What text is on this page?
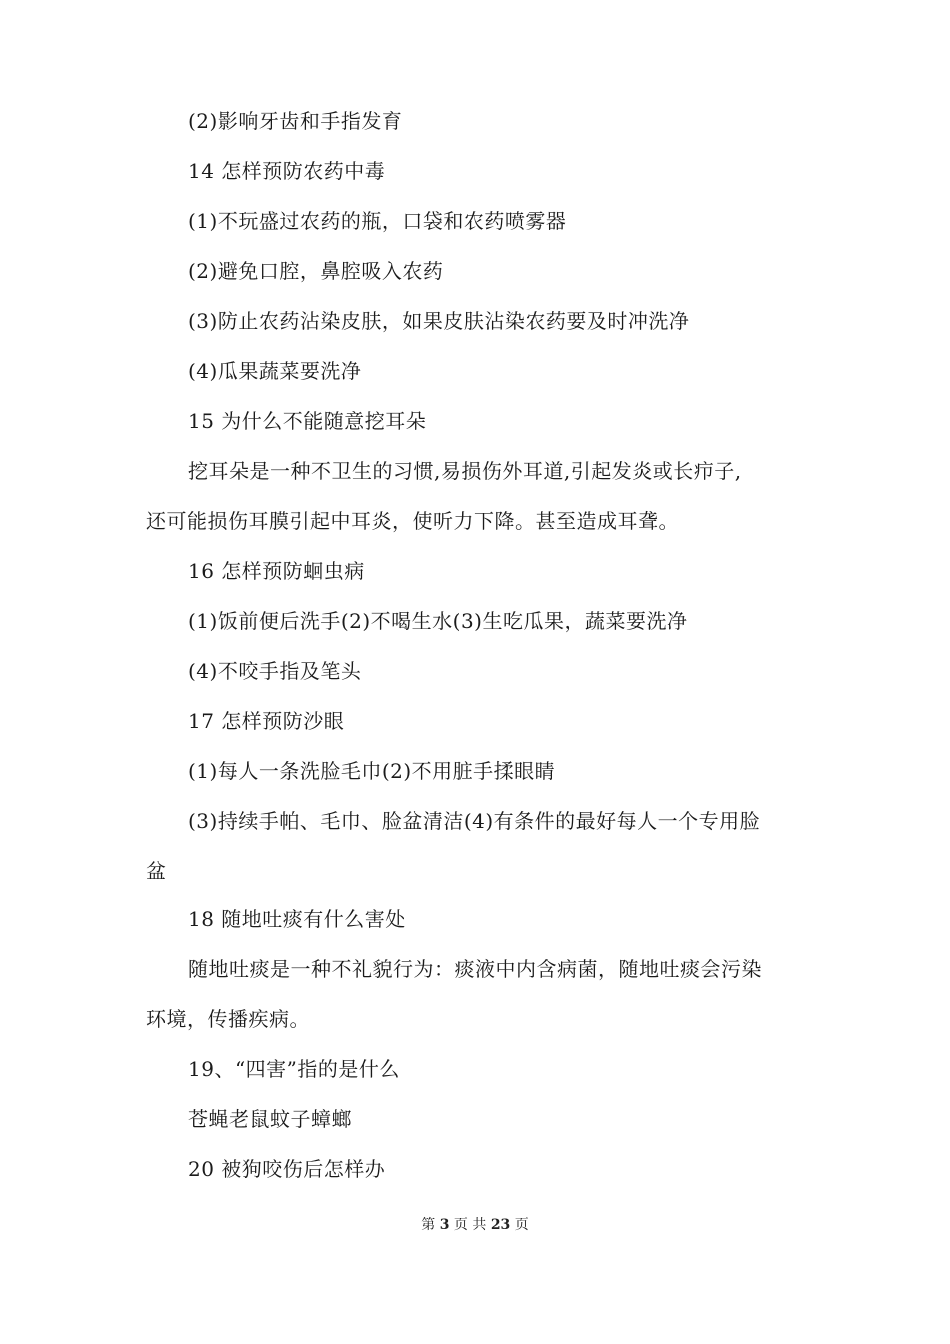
(2)影响牙齿和手指发育
14 怎样预防农药中毒
(1)不玩盛过农药的瓶，口袋和农药喷雾器
(2)避免口腔，鼻腔吸入农药
(3)防止农药沾染皮肤，如果皮肤沾染农药要及时冲洗净
(4)瓜果蔬菜要洗净
15 为什么不能随意挖耳朵
挖耳朵是一种不卫生的习惯,易损伤外耳道,引起发炎或长疖子,
还可能损伤耳膜引起中耳炎，使听力下降。甚至造成耳聋。
16 怎样预防蛔虫病
(1)饭前便后洗手(2)不喝生水(3)生吃瓜果，蔬菜要洗净
(4)不咬手指及笔头
17 怎样预防沙眼
(1)每人一条洗脸毛巾(2)不用脏手揉眼睛
(3)持续手帕、毛巾、脸盆清洁(4)有条件的最好每人一个专用脸
盆
18 随地吐痰有什么害处
随地吐痰是一种不礼貌行为：痰液中内含病菌，随地吐痰会污染
环境，传播疾病。
19、“四害”指的是什么
苍蝇老鼠蚊子蟑螂
20 被狗咬伤后怎样办
第 3 页 共 23 页
